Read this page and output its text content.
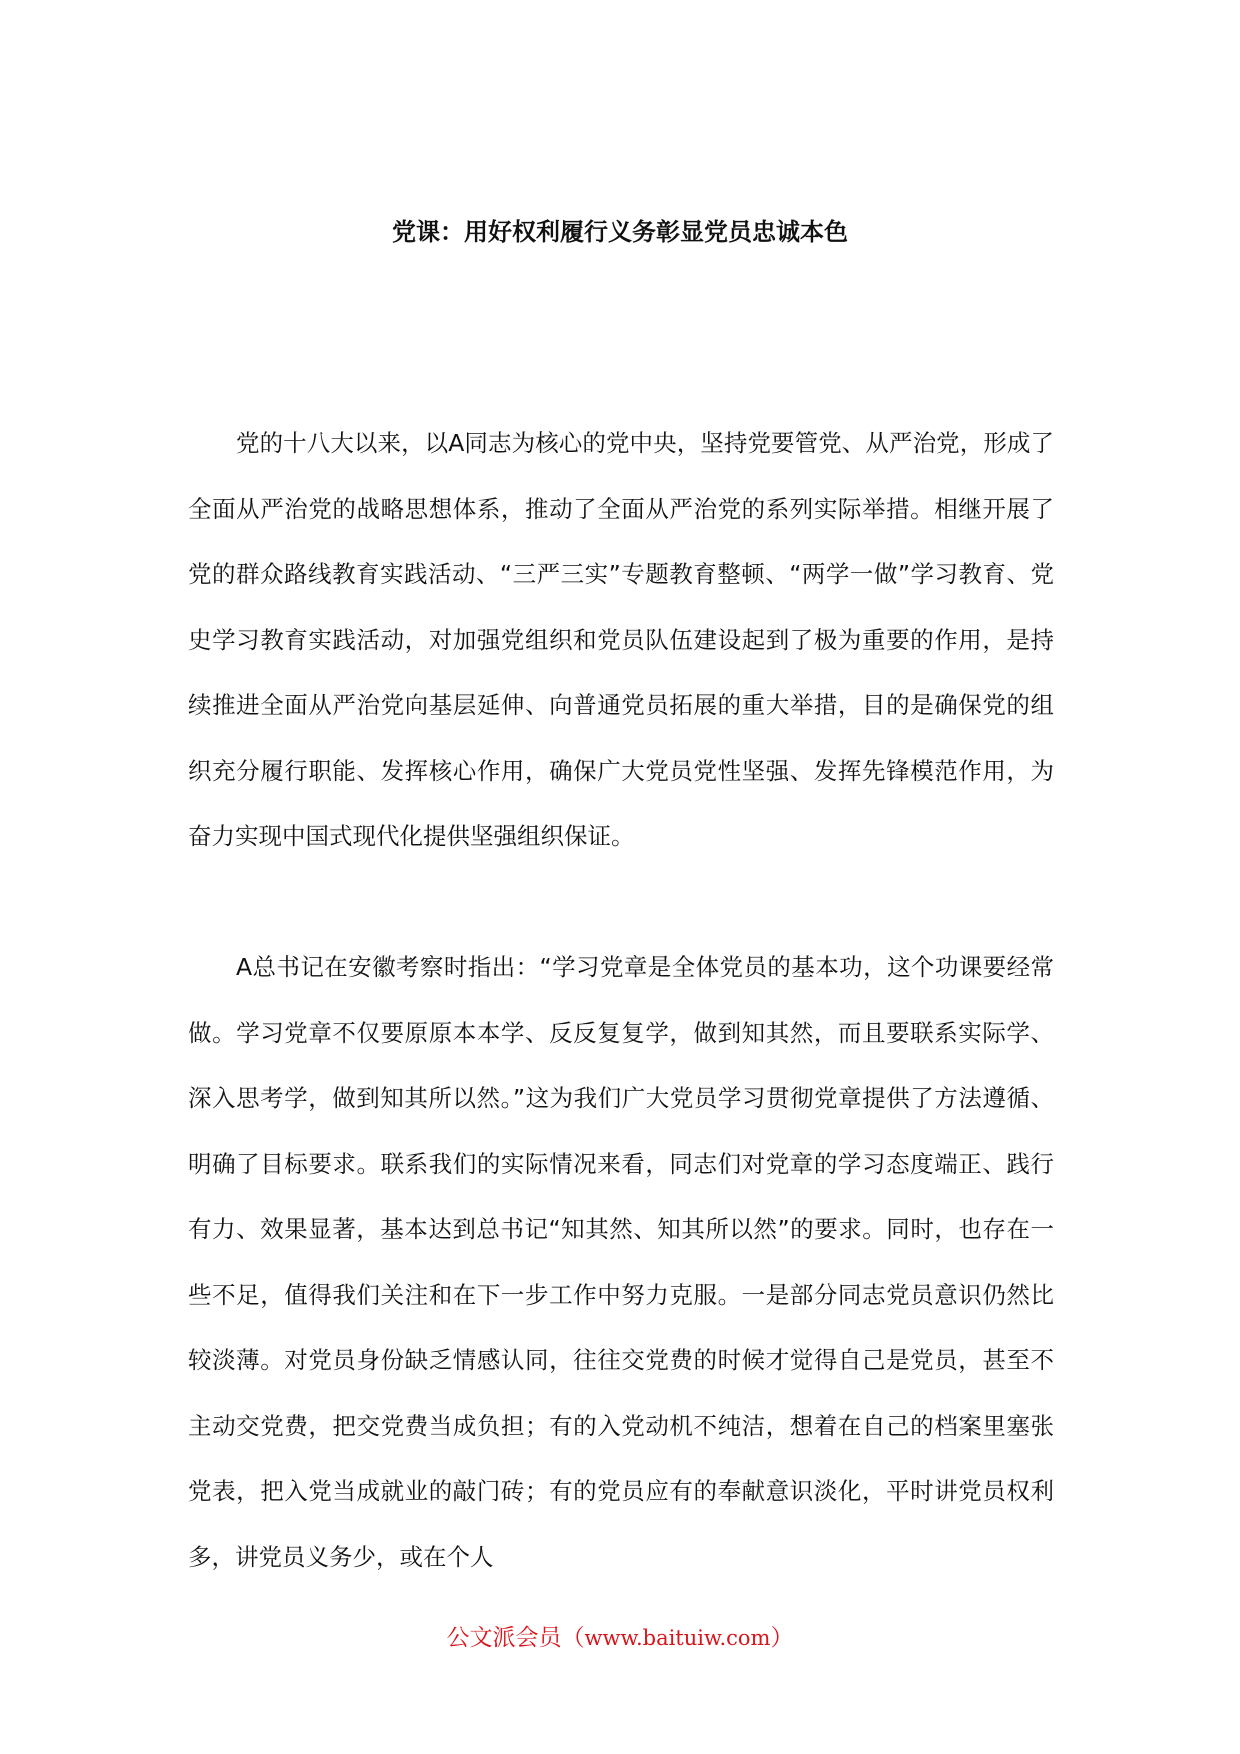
党课：用好权利履行义务彰显党员忠诚本色

党的十八大以来，以A同志为核心的党中央，坚持党要管党、从严治党，形成了全面从严治党的战略思想体系，推动了全面从严治党的系列实际举措。相继开展了党的群众路线教育实践活动、“三严三实”专题教育整顿、“两学一做”学习教育、党史学习教育实践活动，对加强党组织和党员队伍建设起到了极为重要的作用，是持续推进全面从严治党向基层延伸、向普通党员拓展的重大举措，目的是确保党的组织充分履行职能、发挥核心作用，确保广大党员党性坚强、发挥先锋模范作用，为奋力实现中国式现代化提供坚强组织保证。

A总书记在安徽考察时指出：“学习党章是全体党员的基本功，这个功课要经常做。学习党章不仅要原原本本学、反反复复学，做到知其然，而且要联系实际学、深入思考学，做到知其所以然。”这为我们广大党员学习贯彻党章提供了方法遵循、明确了目标要求。联系我们的实际情况来看，同志们对党章的学习态度端正、践行有力、效果显著，基本达到总书记“知其然、知其所以然”的要求。同时，也存在一些不足，值得我们关注和在下一步工作中努力克服。一是部分同志党员意识仍然比较淡薄。对党员身份缺乏情感认同，往往交党费的时候才觉得自己是党员，甚至不主动交党费，把交党费当成负担；有的入党动机不纯洁，想着在自己的档案里塞张党表，把入党当成就业的敲门砖；有的党员应有的奉献意识淡化，平时讲党员权利多，讲党员义务少，或在个人

公文派会员（www.baituiw.com）
